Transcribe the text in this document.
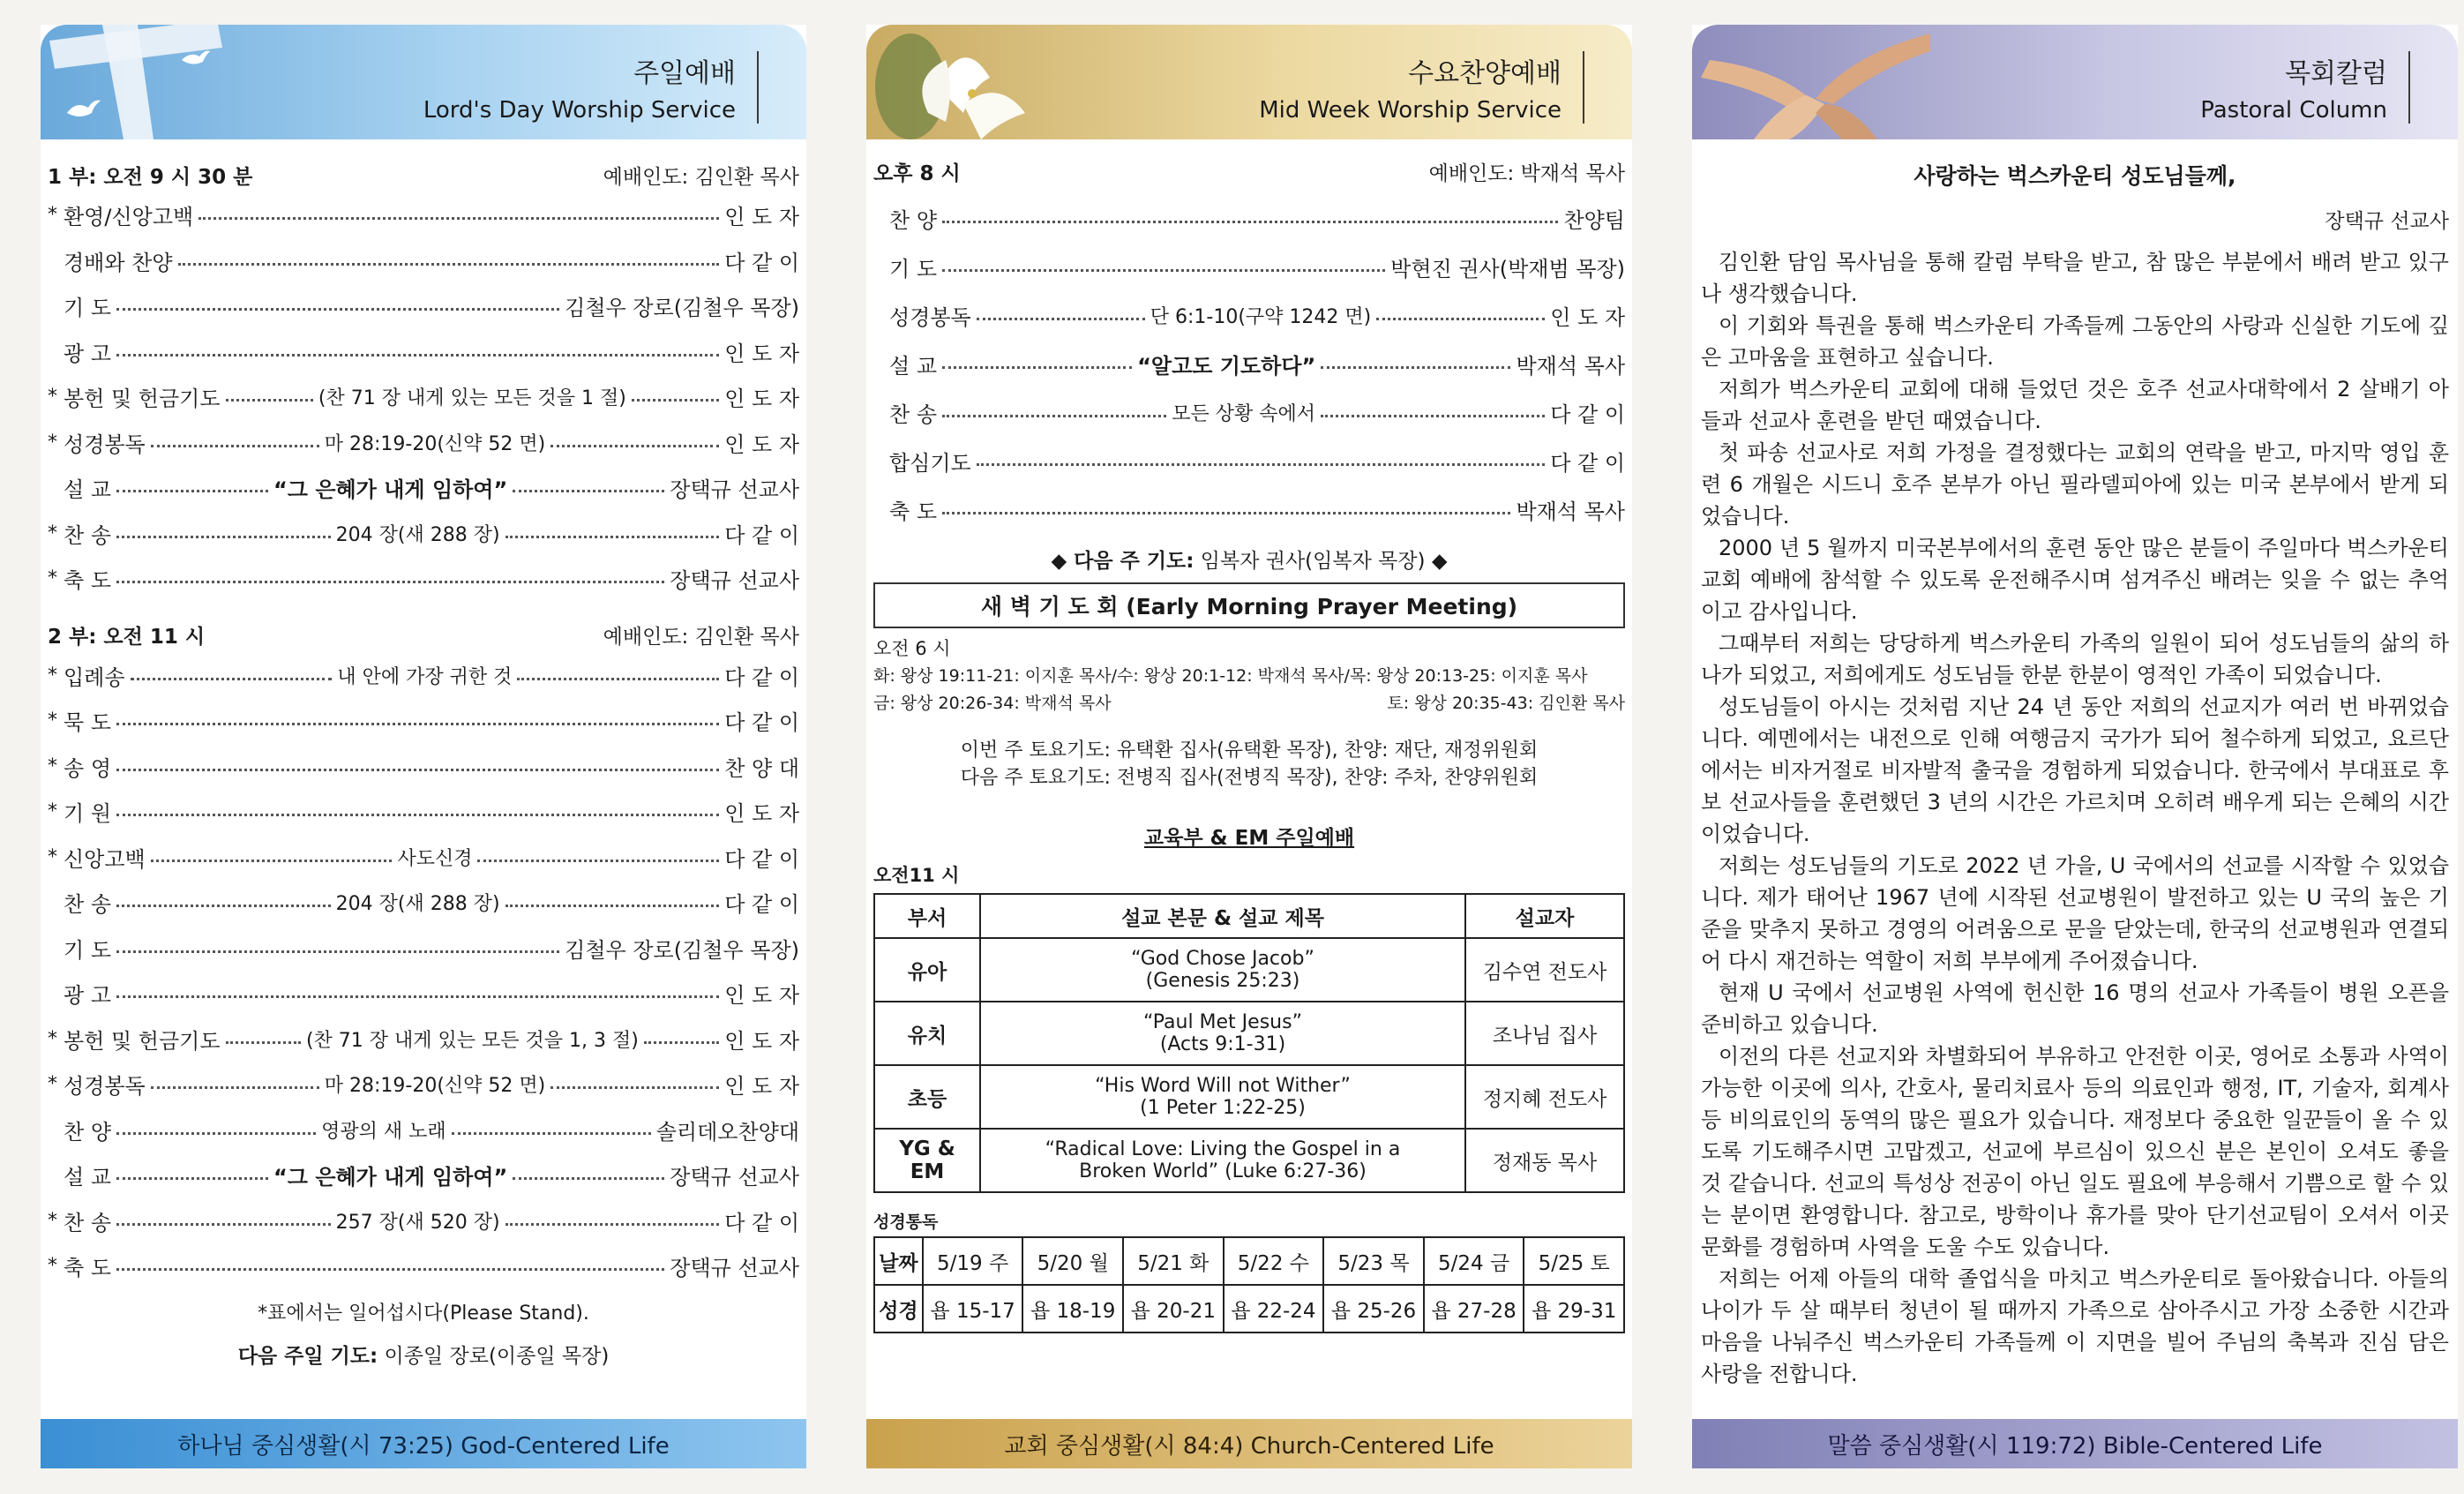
주일예배
Lord's Day Worship Service
1 부: 오전 9 시 30 분	예배인도: 김인환 목사
* 환영/신앙고백	인 도 자
경배와 찬양	다 같 이
기 도	김철우 장로(김철우 목장)
광 고	인 도 자
* 봉헌 및 헌금기도	(찬 71 장 내게 있는 모든 것을 1 절)	인 도 자
* 성경봉독	마 28:19-20(신약 52 면)	인 도 자
설 교	“그 은혜가 내게 임하여”	장택규 선교사
* 찬 송	204 장(새 288 장)	다 같 이
* 축 도	장택규 선교사
2 부: 오전 11 시	예배인도: 김인환 목사
* 입례송	내 안에 가장 귀한 것	다 같 이
* 묵 도	다 같 이
* 송 영	찬 양 대
* 기 원	인 도 자
* 신앙고백	사도신경	다 같 이
찬 송	204 장(새 288 장)	다 같 이
기 도	김철우 장로(김철우 목장)
광 고	인 도 자
* 봉헌 및 헌금기도	(찬 71 장 내게 있는 모든 것을 1, 3 절)	인 도 자
* 성경봉독	마 28:19-20(신약 52 면)	인 도 자
찬 양	영광의 새 노래	솔리데오찬양대
설 교	“그 은혜가 내게 임하여”	장택규 선교사
* 찬 송	257 장(새 520 장)	다 같 이
* 축 도	장택규 선교사
*표에서는 일어섭시다(Please Stand).
다음 주일 기도: 이종일 장로(이종일 목장)
하나님 중심생활(시 73:25) God-Centered Life
수요찬양예배
Mid Week Worship Service
오후 8 시	예배인도: 박재석 목사
찬 양	찬양팀
기 도	박현진 권사(박재범 목장)
성경봉독	단 6:1-10(구약 1242 면)	인 도 자
설 교	“알고도 기도하다”	박재석 목사
찬 송	모든 상황 속에서	다 같 이
합심기도	다 같 이
축 도	박재석 목사
◆ 다음 주 기도: 임복자 권사(임복자 목장) ◆
새 벽 기 도 회 (Early Morning Prayer Meeting)
오전 6 시
화: 왕상 19:11-21: 이지훈 목사/수: 왕상 20:1-12: 박재석 목사/목: 왕상 20:13-25: 이지훈 목사
금: 왕상 20:26-34: 박재석 목사	토: 왕상 20:35-43: 김인환 목사
이번 주 토요기도: 유택환 집사(유택환 목장), 찬양: 재단, 재정위원회
다음 주 토요기도: 전병직 집사(전병직 목장), 찬양: 주차, 찬양위원회
교육부 & EM 주일예배
오전11 시
부서	설교 본문 & 설교 제목	설교자
유아	“God Chose Jacob”
(Genesis 25:23)	김수연 전도사
유치	“Paul Met Jesus”
(Acts 9:1-31)	조나님 집사
초등	“His Word Will not Wither”
(1 Peter 1:22-25)	정지혜 전도사
YG & EM	“Radical Love: Living the Gospel in a
Broken World” (Luke 6:27-36)	정재동 목사
성경통독
날짜	5/19 주	5/20 월	5/21 화	5/22 수	5/23 목	5/24 금	5/25 토
성경	욥 15-17	욥 18-19	욥 20-21	욥 22-24	욥 25-26	욥 27-28	욥 29-31
교회 중심생활(시 84:4) Church-Centered Life
목회칼럼
Pastoral Column
사랑하는 벅스카운티 성도님들께,
장택규 선교사

김인환 담임 목사님을 통해 칼럼 부탁을 받고, 참 많은 부분에서 배려 받고 있구나 생각했습니다.

이 기회와 특권을 통해 벅스카운티 가족들께 그동안의 사랑과 신실한 기도에 깊은 고마움을 표현하고 싶습니다.

저희가 벅스카운티 교회에 대해 들었던 것은 호주 선교사대학에서 2 살배기 아들과 선교사 훈련을 받던 때였습니다.

첫 파송 선교사로 저희 가정을 결정했다는 교회의 연락을 받고, 마지막 영입 훈련 6 개월은 시드니 호주 본부가 아닌 필라델피아에 있는 미국 본부에서 받게 되었습니다.

2000 년 5 월까지 미국본부에서의 훈련 동안 많은 분들이 주일마다 벅스카운티 교회 예배에 참석할 수 있도록 운전해주시며 섬겨주신 배려는 잊을 수 없는 추억이고 감사입니다.

그때부터 저희는 당당하게 벅스카운티 가족의 일원이 되어 성도님들의 삶의 하나가 되었고, 저희에게도 성도님들 한분 한분이 영적인 가족이 되었습니다.

성도님들이 아시는 것처럼 지난 24 년 동안 저희의 선교지가 여러 번 바뀌었습니다. 예멘에서는 내전으로 인해 여행금지 국가가 되어 철수하게 되었고, 요르단에서는 비자거절로 비자발적 출국을 경험하게 되었습니다. 한국에서 부대표로 후보 선교사들을 훈련했던 3 년의 시간은 가르치며 오히려 배우게 되는 은혜의 시간이었습니다.

저희는 성도님들의 기도로 2022 년 가을, U 국에서의 선교를 시작할 수 있었습니다. 제가 태어난 1967 년에 시작된 선교병원이 발전하고 있는 U 국의 높은 기준을 맞추지 못하고 경영의 어려움으로 문을 닫았는데, 한국의 선교병원과 연결되어 다시 재건하는 역할이 저희 부부에게 주어졌습니다.

현재 U 국에서 선교병원 사역에 헌신한 16 명의 선교사 가족들이 병원 오픈을 준비하고 있습니다.

이전의 다른 선교지와 차별화되어 부유하고 안전한 이곳, 영어로 소통과 사역이 가능한 이곳에 의사, 간호사, 물리치료사 등의 의료인과 행정, IT, 기술자, 회계사 등 비의료인의 동역의 많은 필요가 있습니다. 재정보다 중요한 일꾼들이 올 수 있도록 기도해주시면 고맙겠고, 선교에 부르심이 있으신 분은 본인이 오셔도 좋을 것 같습니다. 선교의 특성상 전공이 아닌 일도 필요에 부응해서 기쁨으로 할 수 있는 분이면 환영합니다. 참고로, 방학이나 휴가를 맞아 단기선교팀이 오셔서 이곳 문화를 경험하며 사역을 도울 수도 있습니다.

저희는 어제 아들의 대학 졸업식을 마치고 벅스카운티로 돌아왔습니다. 아들의 나이가 두 살 때부터 청년이 될 때까지 가족으로 삼아주시고 가장 소중한 시간과 마음을 나눠주신 벅스카운티 가족들께 이 지면을 빌어 주님의 축복과 진심 담은 사랑을 전합니다.

말씀 중심생활(시 119:72) Bible-Centered Life
